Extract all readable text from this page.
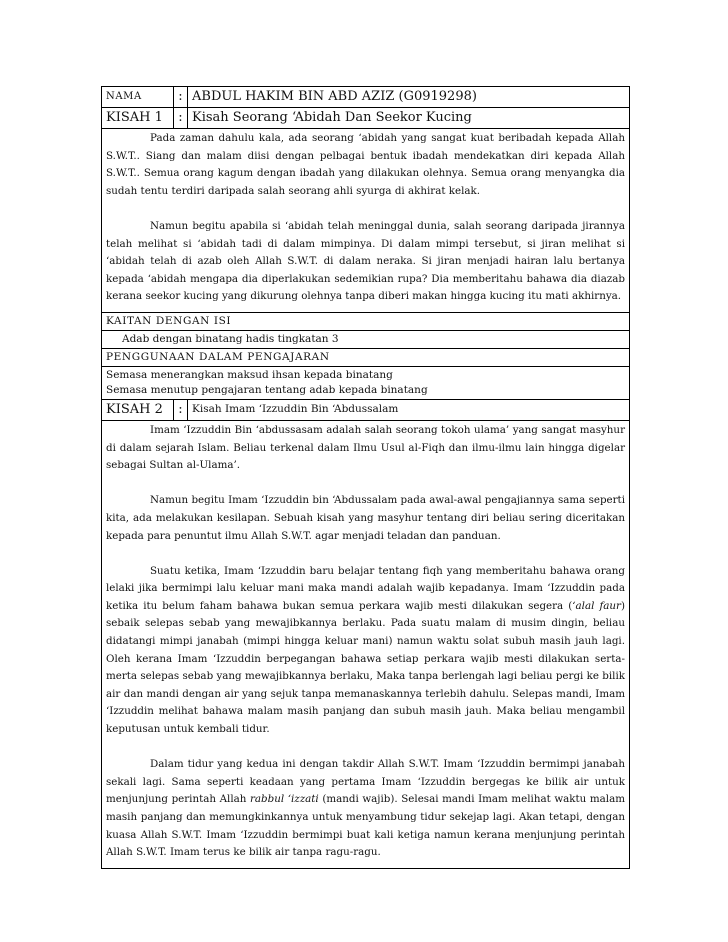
NAMA	: ABDUL HAKIM BIN ABD AZIZ (G0919298)
KISAH 1	: Kisah Seorang ‘Abidah Dan Seekor Kucing

Pada zaman dahulu kala, ada seorang ‘abidah yang sangat kuat beribadah kepada Allah S.W.T.. Siang dan malam diisi dengan pelbagai bentuk ibadah mendekatkan diri kepada Allah S.W.T.. Semua orang kagum dengan ibadah yang dilakukan olehnya. Semua orang menyangka dia sudah tentu terdiri daripada salah seorang ahli syurga di akhirat kelak.

Namun begitu apabila si ‘abidah telah meninggal dunia, salah seorang daripada jirannya telah melihat si ‘abidah tadi di dalam mimpinya. Di dalam mimpi tersebut, si jiran melihat si ‘abidah telah di azab oleh Allah S.W.T. di dalam neraka. Si jiran menjadi hairan lalu bertanya kepada ‘abidah mengapa dia diperlakukan sedemikian rupa? Dia memberitahu bahawa dia diazab kerana seekor kucing yang dikurung olehnya tanpa diberi makan hingga kucing itu mati akhirnya.

KAITAN DENGAN ISI
Adab dengan binatang hadis tingkatan 3
PENGGUNAAN DALAM PENGAJARAN
Semasa menerangkan maksud ihsan kepada binatang
Semasa menutup pengajaran tentang adab kepada binatang
KISAH 2	: Kisah Imam ‘Izzuddin Bin ‘Abdussalam

Imam ‘Izzuddin Bin ‘abdussasam adalah salah seorang tokoh ulama’ yang sangat masyhur di dalam sejarah Islam. Beliau terkenal dalam Ilmu Usul al-Fiqh dan ilmu-ilmu lain hingga digelar sebagai Sultan al-Ulama’.

Namun begitu Imam ‘Izzuddin bin ‘Abdussalam pada awal-awal pengajiannya sama seperti kita, ada melakukan kesilapan. Sebuah kisah yang masyhur tentang diri beliau sering diceritakan kepada para penuntut ilmu Allah S.W.T. agar menjadi teladan dan panduan.

Suatu ketika, Imam ‘Izzuddin baru belajar tentang fiqh yang memberitahu bahawa orang lelaki jika bermimpi lalu keluar mani maka mandi adalah wajib kepadanya. Imam ‘Izzuddin pada ketika itu belum faham bahawa bukan semua perkara wajib mesti dilakukan segera (‘alal faur) sebaik selepas sebab yang mewajibkannya berlaku. Pada suatu malam di musim dingin, beliau didatangi mimpi janabah (mimpi hingga keluar mani) namun waktu solat subuh masih jauh lagi. Oleh kerana Imam ‘Izzuddin berpegangan bahawa setiap perkara wajib mesti dilakukan serta-merta selepas sebab yang mewajibkannya berlaku, Maka tanpa berlengah lagi beliau pergi ke bilik air dan mandi dengan air yang sejuk tanpa memanaskannya terlebih dahulu. Selepas mandi, Imam ‘Izzuddin melihat bahawa malam masih panjang dan subuh masih jauh. Maka beliau mengambil keputusan untuk kembali tidur.

Dalam tidur yang kedua ini dengan takdir Allah S.W.T. Imam ‘Izzuddin bermimpi janabah sekali lagi. Sama seperti keadaan yang pertama Imam ‘Izzuddin bergegas ke bilik air untuk menjunjung perintah Allah rabbul ‘izzati (mandi wajib). Selesai mandi Imam melihat waktu malam masih panjang dan memungkinkannya untuk menyambung tidur sekejap lagi. Akan tetapi, dengan kuasa Allah S.W.T. Imam ‘Izzuddin bermimpi buat kali ketiga namun kerana menjunjung perintah Allah S.W.T. Imam terus ke bilik air tanpa ragu-ragu.
